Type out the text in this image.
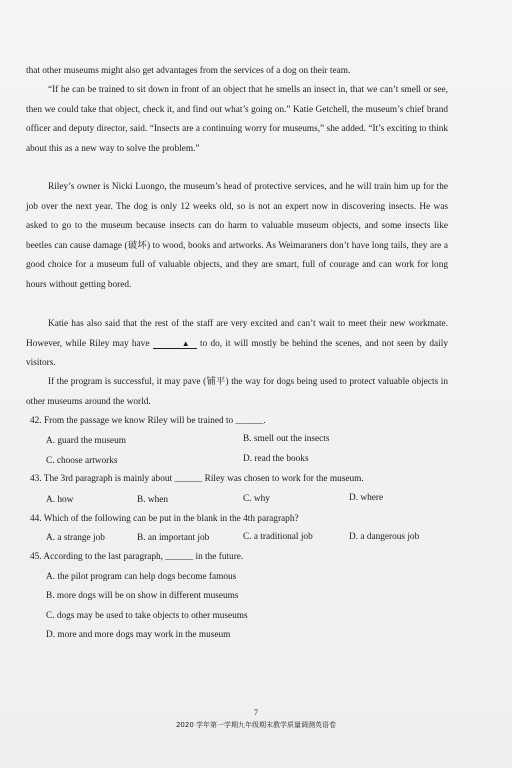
that other museums might also get advantages from the services of a dog on their team.

“If he can be trained to sit down in front of an object that he smells an insect in, that we can’t smell or see, then we could take that object, check it, and find out what’s going on.” Katie Getchell, the museum’s chief brand officer and deputy director, said. “Insects are a continuing worry for museums,” she added. “It’s exciting to think about this as a new way to solve the problem.”

Riley’s owner is Nicki Luongo, the museum’s head of protective services, and he will train him up for the job over the next year. The dog is only 12 weeks old, so is not an expert now in discovering insects. He was asked to go to the museum because insects can do harm to valuable museum objects, and some insects like beetles can cause damage (破坏) to wood, books and artworks. As Weimaraners don’t have long tails, they are a good choice for a museum full of valuable objects, and they are smart, full of courage and can work for long hours without getting bored.

Katie has also said that the rest of the staff are very excited and can’t wait to meet their new workmate. However, while Riley may have	▲ to do, it will mostly be behind the scenes, and not seen by daily visitors.

If the program is successful, it may pave (铺平) the way for dogs being used to protect valuable objects in other museums around the world.

42. From the passage we know Riley will be trained to ______.
A. guard the museum	B. smell out the insects
C. choose artworks	D. read the books
43. The 3rd paragraph is mainly about ______ Riley was chosen to work for the museum.
A. how	B. when	C. why	D. where
44. Which of the following can be put in the blank in the 4th paragraph?
A. a strange job	B. an important job	C. a traditional job	D. a dangerous job
45. According to the last paragraph, ______ in the future.
A. the pilot program can help dogs become famous
B. more dogs will be on show in different museums
C. dogs may be used to take objects to other museums
D. more and more dogs may work in the museum
7
2020 学年第一学期九年级期末教学质量调测英语卷
